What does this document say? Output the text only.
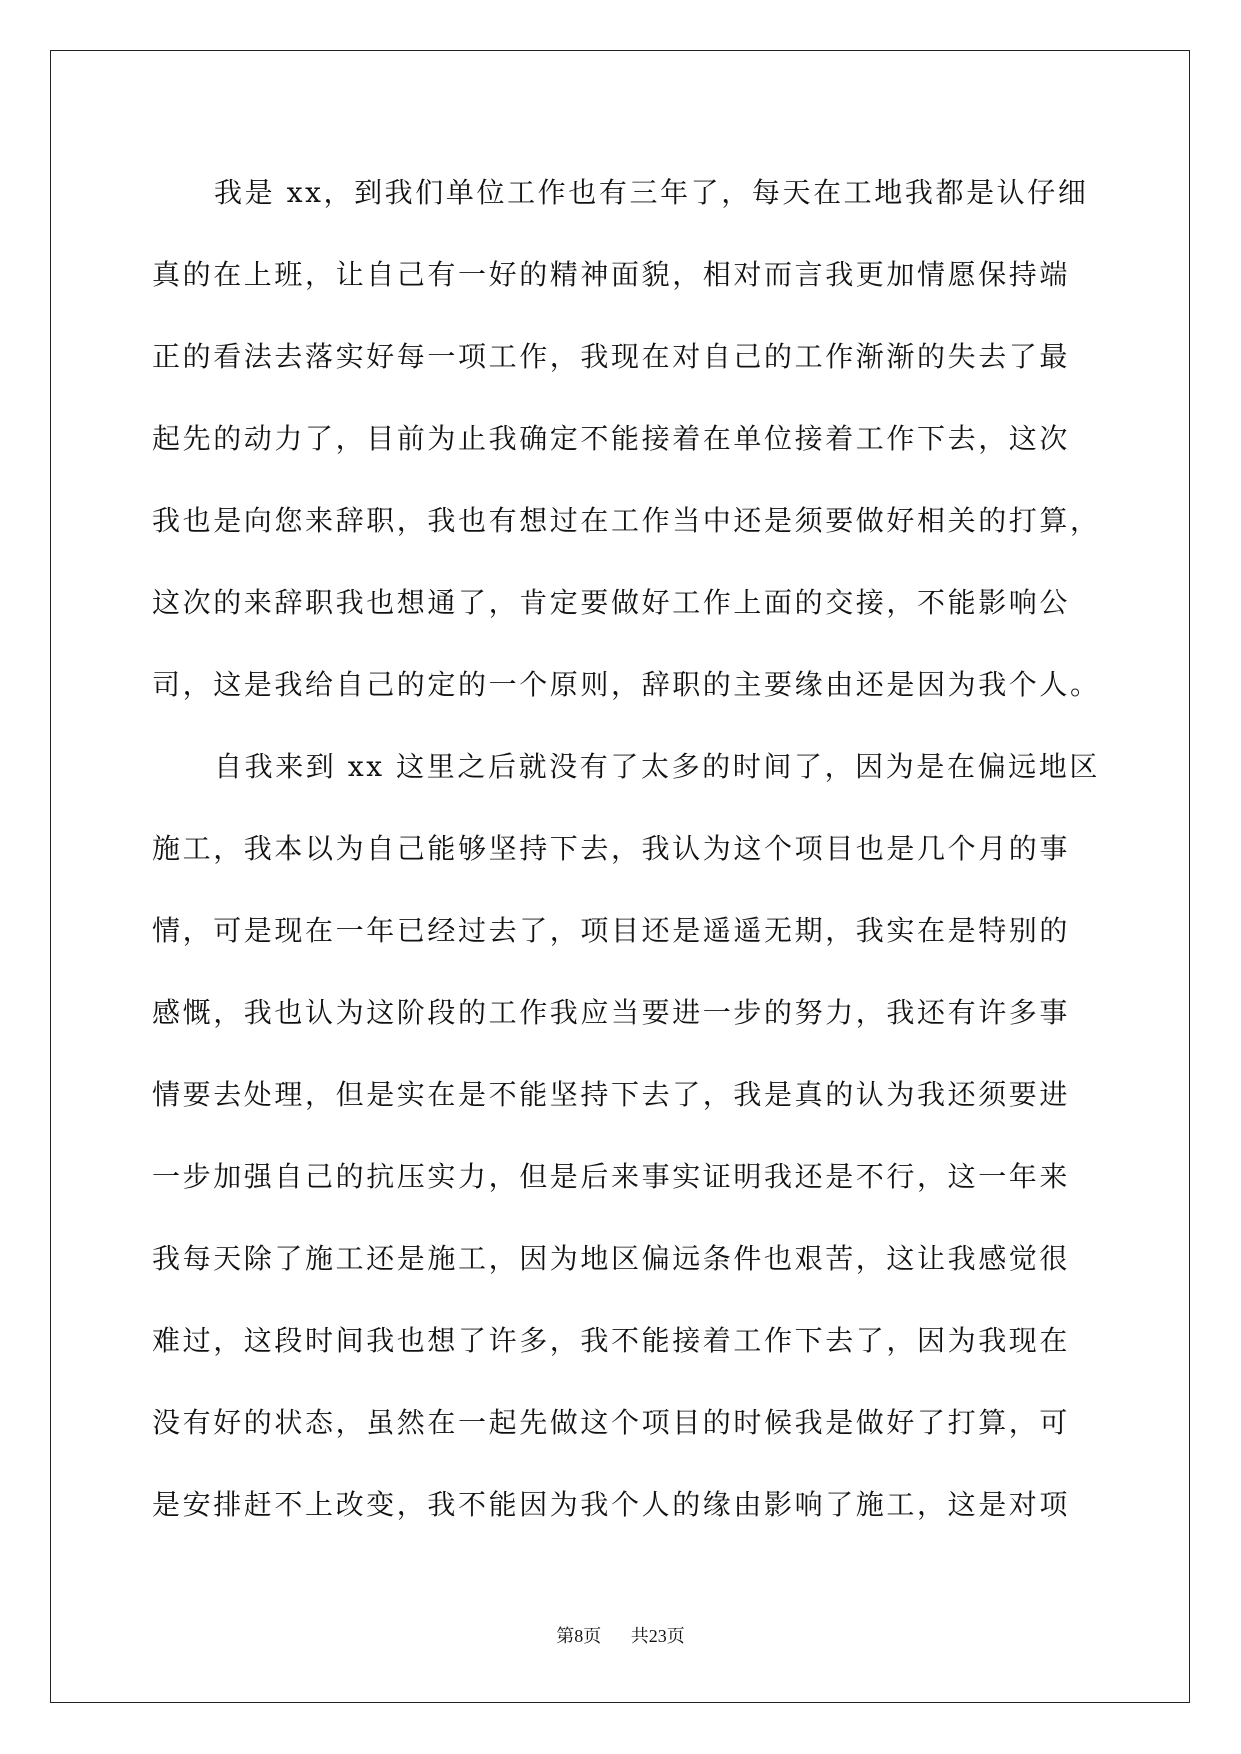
我是 xx，到我们单位工作也有三年了，每天在工地我都是认仔细
真的在上班，让自己有一好的精神面貌，相对而言我更加情愿保持端
正的看法去落实好每一项工作，我现在对自己的工作渐渐的失去了最
起先的动力了，目前为止我确定不能接着在单位接着工作下去，这次
我也是向您来辞职，我也有想过在工作当中还是须要做好相关的打算，
这次的来辞职我也想通了，肯定要做好工作上面的交接，不能影响公
司，这是我给自己的定的一个原则，辞职的主要缘由还是因为我个人。
自我来到 xx 这里之后就没有了太多的时间了，因为是在偏远地区
施工，我本以为自己能够坚持下去，我认为这个项目也是几个月的事
情，可是现在一年已经过去了，项目还是遥遥无期，我实在是特别的
感慨，我也认为这阶段的工作我应当要进一步的努力，我还有许多事
情要去处理，但是实在是不能坚持下去了，我是真的认为我还须要进
一步加强自己的抗压实力，但是后来事实证明我还是不行，这一年来
我每天除了施工还是施工，因为地区偏远条件也艰苦，这让我感觉很
难过，这段时间我也想了许多，我不能接着工作下去了，因为我现在
没有好的状态，虽然在一起先做这个项目的时候我是做好了打算，可
是安排赶不上改变，我不能因为我个人的缘由影响了施工，这是对项
第8页 共23页
